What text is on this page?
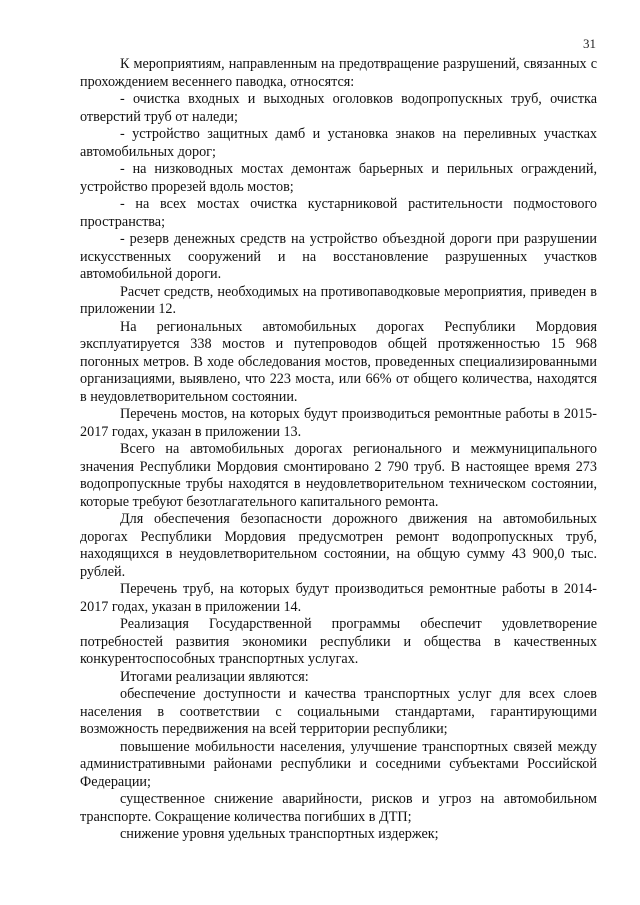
31

К мероприятиям, направленным на предотвращение разрушений, связанных с прохождением весеннего паводка, относятся:

- очистка входных и выходных оголовков водопропускных труб, очистка отверстий труб от наледи;

- устройство защитных дамб и установка знаков на переливных участках автомобильных дорог;

- на низководных мостах демонтаж барьерных и перильных ограждений, устройство прорезей вдоль мостов;

- на всех мостах очистка кустарниковой растительности подмостового пространства;

- резерв денежных средств на устройство объездной дороги при разрушении искусственных сооружений и на восстановление разрушенных участков автомобильной дороги.

Расчет средств, необходимых на противопаводковые мероприятия, приведен в приложении 12.

На региональных автомобильных дорогах Республики Мордовия эксплуатируется 338 мостов и путепроводов общей протяженностью 15 968 погонных метров. В ходе обследования мостов, проведенных специализированными организациями, выявлено, что 223 моста, или 66% от общего количества, находятся в неудовлетворительном состоянии.

Перечень мостов, на которых будут производиться ремонтные работы в 2015-2017 годах, указан в приложении 13.

Всего на автомобильных дорогах регионального и межмуниципального значения Республики Мордовия смонтировано 2 790 труб. В настоящее время 273 водопропускные трубы находятся в неудовлетворительном техническом состоянии, которые требуют безотлагательного капитального ремонта.

Для обеспечения безопасности дорожного движения на автомобильных дорогах Республики Мордовия предусмотрен ремонт водопропускных труб, находящихся в неудовлетворительном состоянии, на общую сумму 43 900,0 тыс. рублей.

Перечень труб, на которых будут производиться ремонтные работы в 2014-2017 годах, указан в приложении 14.

Реализация Государственной программы обеспечит удовлетворение потребностей развития экономики республики и общества в качественных конкурентоспособных транспортных услугах.

Итогами реализации являются:

обеспечение доступности и качества транспортных услуг для всех слоев населения в соответствии с социальными стандартами, гарантирующими возможность передвижения на всей территории республики;

повышение мобильности населения, улучшение транспортных связей между административными районами республики и соседними субъектами Российской Федерации;

существенное снижение аварийности, рисков и угроз на автомобильном транспорте. Сокращение количества погибших в ДТП;

снижение уровня удельных транспортных издержек;
